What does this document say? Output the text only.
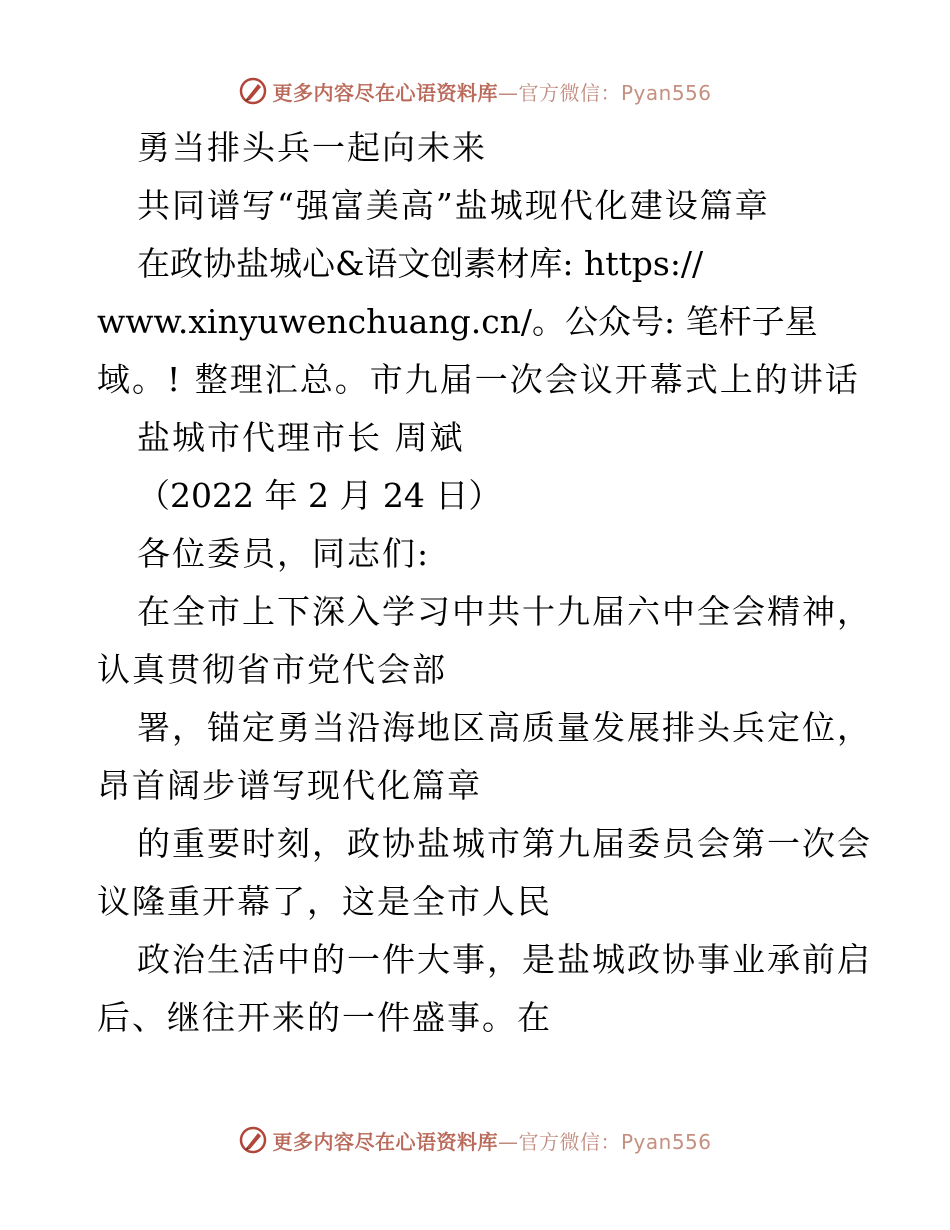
更多内容尽在心语资料库—官方微信：Pyan556
勇当排头兵一起向未来
共同谱写“强富美高”盐城现代化建设篇章
在政协盐城心&语文创素材库: https://
www.xinyuwenchuang.cn/。公众号: 笔杆子星
域。! 整理汇总。市九届一次会议开幕式上的讲话
盐城市代理市长 周斌
（2022 年 2 月 24 日）
各位委员，同志们:
在全市上下深入学习中共十九届六中全会精神，
认真贯彻省市党代会部
署，锚定勇当沿海地区高质量发展排头兵定位，
昂首阔步谱写现代化篇章
的重要时刻，政协盐城市第九届委员会第一次会
议隆重开幕了，这是全市人民
政治生活中的一件大事，是盐城政协事业承前启
后、继往开来的一件盛事。在
更多内容尽在心语资料库—官方微信：Pyan556
